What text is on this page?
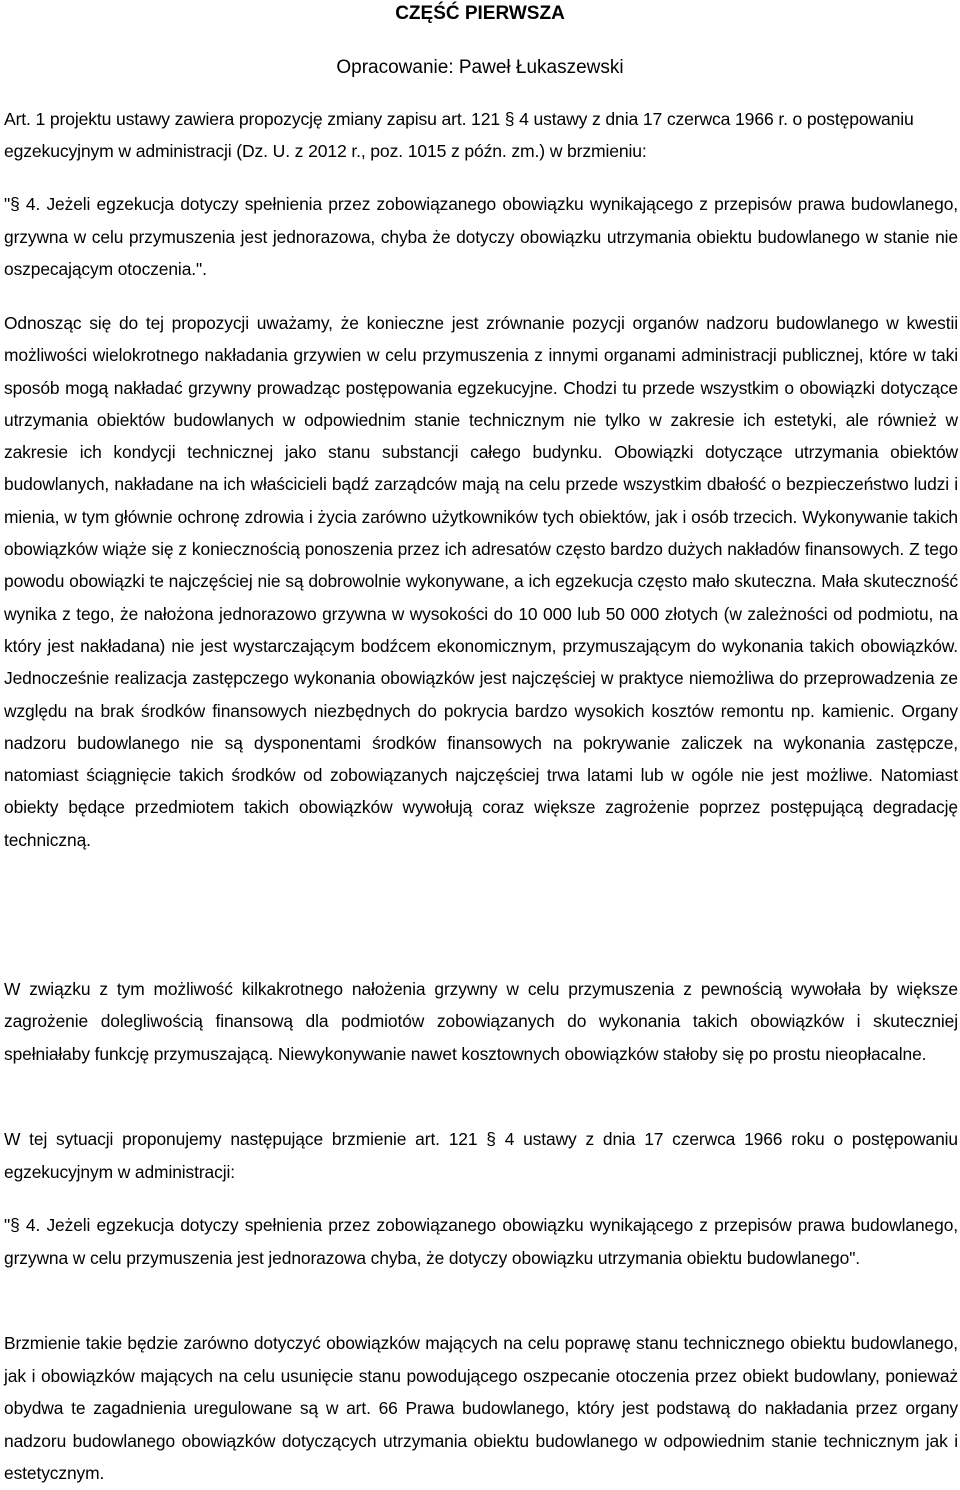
CZĘŚĆ PIERWSZA

Opracowanie: Paweł Łukaszewski

Art. 1 projektu ustawy zawiera propozycję zmiany zapisu art. 121 § 4 ustawy z dnia 17 czerwca 1966 r. o postępowaniu egzekucyjnym w administracji (Dz. U. z 2012 r., poz. 1015 z późn. zm.) w brzmieniu:

"§ 4. Jeżeli egzekucja dotyczy spełnienia przez zobowiązanego obowiązku wynikającego z przepisów prawa budowlanego, grzywna w celu przymuszenia jest jednorazowa, chyba że dotyczy obowiązku utrzymania obiektu budowlanego w stanie nie oszpecającym otoczenia.".

Odnosząc się do tej propozycji uważamy, że konieczne jest zrównanie pozycji organów nadzoru budowlanego w kwestii możliwości wielokrotnego nakładania grzywien w celu przymuszenia z innymi organami administracji publicznej, które w taki sposób mogą nakładać grzywny prowadząc postępowania egzekucyjne. Chodzi tu przede wszystkim o obowiązki dotyczące utrzymania obiektów budowlanych w odpowiednim stanie technicznym nie tylko w zakresie ich estetyki, ale również w zakresie ich kondycji technicznej jako stanu substancji całego budynku. Obowiązki dotyczące utrzymania obiektów budowlanych, nakładane na ich właścicieli bądź zarządców mają na celu przede wszystkim dbałość o bezpieczeństwo ludzi i mienia, w tym głównie ochronę zdrowia i życia zarówno użytkowników tych obiektów, jak i osób trzecich. Wykonywanie takich obowiązków wiąże się z koniecznością ponoszenia przez ich adresatów często bardzo dużych nakładów finansowych. Z tego powodu obowiązki te najczęściej nie są dobrowolnie wykonywane, a ich egzekucja często mało skuteczna. Mała skuteczność wynika z tego, że nałożona jednorazowo grzywna w wysokości do 10 000 lub 50 000 złotych (w zależności od podmiotu, na który jest nakładana) nie jest wystarczającym bodźcem ekonomicznym, przymuszającym do wykonania takich obowiązków. Jednocześnie realizacja zastępczego wykonania obowiązków jest najczęściej w praktyce niemożliwa do przeprowadzenia ze względu na brak środków finansowych niezbędnych do pokrycia bardzo wysokich kosztów remontu np. kamienic. Organy nadzoru budowlanego nie są dysponentami środków finansowych na pokrywanie zaliczek na wykonania zastępcze, natomiast ściągnięcie takich środków od zobowiązanych najczęściej trwa latami lub w ogóle nie jest możliwe. Natomiast obiekty będące przedmiotem takich obowiązków wywołują coraz większe zagrożenie poprzez postępującą degradację techniczną.

W związku z tym możliwość kilkakrotnego nałożenia grzywny w celu przymuszenia z pewnością wywołała by większe zagrożenie dolegliwością finansową dla podmiotów zobowiązanych do wykonania takich obowiązków i skuteczniej spełniałaby funkcję przymuszającą. Niewykonywanie nawet kosztownych obowiązków stałoby się po prostu nieopłacalne.

W tej sytuacji proponujemy następujące brzmienie art. 121 § 4 ustawy z dnia 17 czerwca 1966 roku o postępowaniu egzekucyjnym w administracji:

"§ 4. Jeżeli egzekucja dotyczy spełnienia przez zobowiązanego obowiązku wynikającego z przepisów prawa budowlanego, grzywna w celu przymuszenia jest jednorazowa chyba, że dotyczy obowiązku utrzymania obiektu budowlanego".

Brzmienie takie będzie zarówno dotyczyć obowiązków mających na celu poprawę stanu technicznego obiektu budowlanego, jak i obowiązków mających na celu usunięcie stanu powodującego oszpecanie otoczenia przez obiekt budowlany, ponieważ obydwa te zagadnienia uregulowane są w art. 66 Prawa budowlanego, który jest podstawą do nakładania przez organy nadzoru budowlanego obowiązków dotyczących utrzymania obiektu budowlanego w odpowiednim stanie technicznym jak i estetycznym.
